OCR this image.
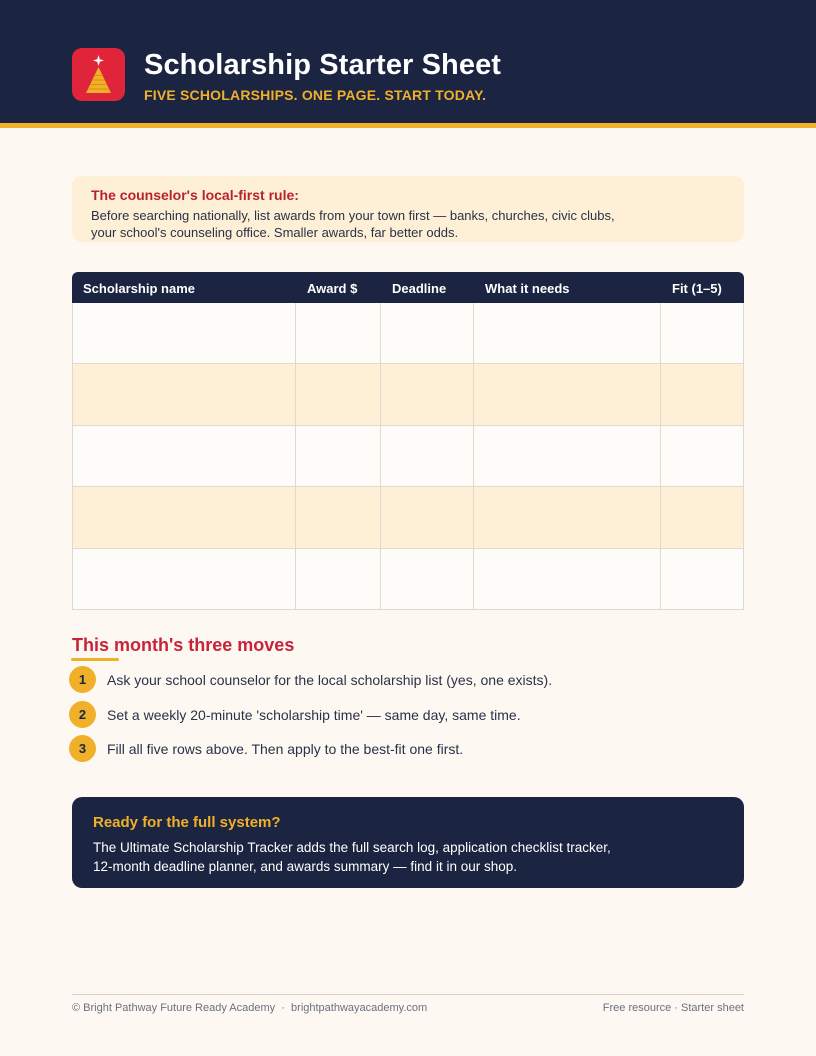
Scholarship Starter Sheet
FIVE SCHOLARSHIPS. ONE PAGE. START TODAY.
The counselor's local-first rule:
Before searching nationally, list awards from your town first — banks, churches, civic clubs,
your school's counseling office. Smaller awards, far better odds.
Scholarship name	Award $	Deadline	What it needs	Fit (1–5)
This month's three moves
1	Ask your school counselor for the local scholarship list (yes, one exists).
2	Set a weekly 20-minute 'scholarship time' — same day, same time.
3	Fill all five rows above. Then apply to the best-fit one first.
Ready for the full system?
The Ultimate Scholarship Tracker adds the full search log, application checklist tracker,
12-month deadline planner, and awards summary — find it in our shop.
© Bright Pathway Future Ready Academy  ·  brightpathwayacademy.com	Free resource · Starter sheet
